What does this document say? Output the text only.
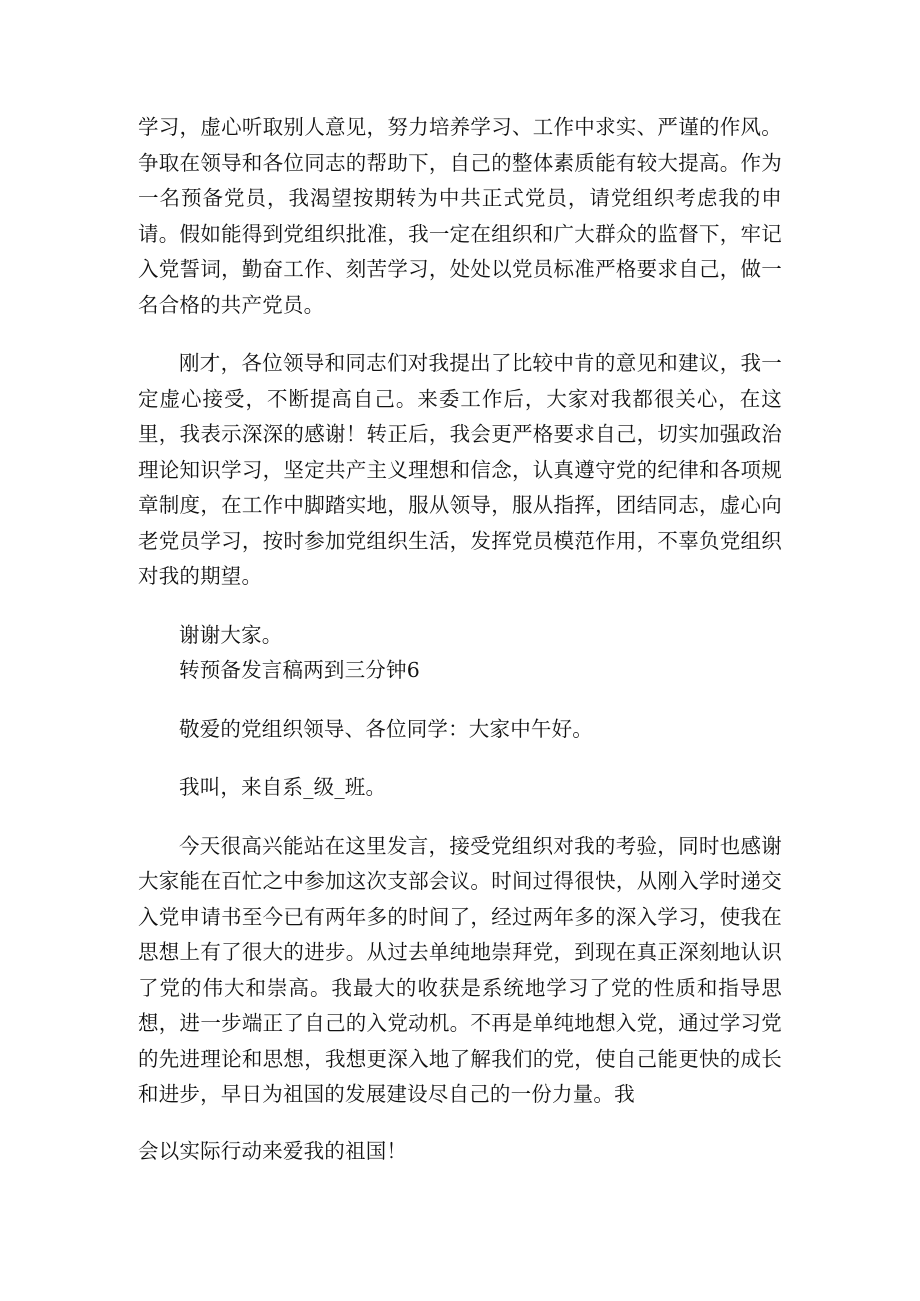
学习，虚心听取别人意见，努力培养学习、工作中求实、严谨的作风。争取在领导和各位同志的帮助下，自己的整体素质能有较大提高。作为一名预备党员，我渴望按期转为中共正式党员，请党组织考虑我的申请。假如能得到党组织批准，我一定在组织和广大群众的监督下，牢记入党誓词，勤奋工作、刻苦学习，处处以党员标准严格要求自己，做一名合格的共产党员。

刚才，各位领导和同志们对我提出了比较中肯的意见和建议，我一定虚心接受，不断提高自己。来委工作后，大家对我都很关心，在这里，我表示深深的感谢！转正后，我会更严格要求自己，切实加强政治理论知识学习，坚定共产主义理想和信念，认真遵守党的纪律和各项规章制度，在工作中脚踏实地，服从领导，服从指挥，团结同志，虚心向老党员学习，按时参加党组织生活，发挥党员模范作用，不辜负党组织对我的期望。

谢谢大家。

转预备发言稿两到三分钟6

敬爱的党组织领导、各位同学：大家中午好。

我叫，来自系_级_班。

今天很高兴能站在这里发言，接受党组织对我的考验，同时也感谢大家能在百忙之中参加这次支部会议。时间过得很快，从刚入学时递交入党申请书至今已有两年多的时间了，经过两年多的深入学习，使我在思想上有了很大的进步。从过去单纯地崇拜党，到现在真正深刻地认识了党的伟大和崇高。我最大的收获是系统地学习了党的性质和指导思想，进一步端正了自己的入党动机。不再是单纯地想入党，通过学习党的先进理论和思想，我想更深入地了解我们的党，使自己能更快的成长和进步，早日为祖国的发展建设尽自己的一份力量。我

会以实际行动来爱我的祖国！
